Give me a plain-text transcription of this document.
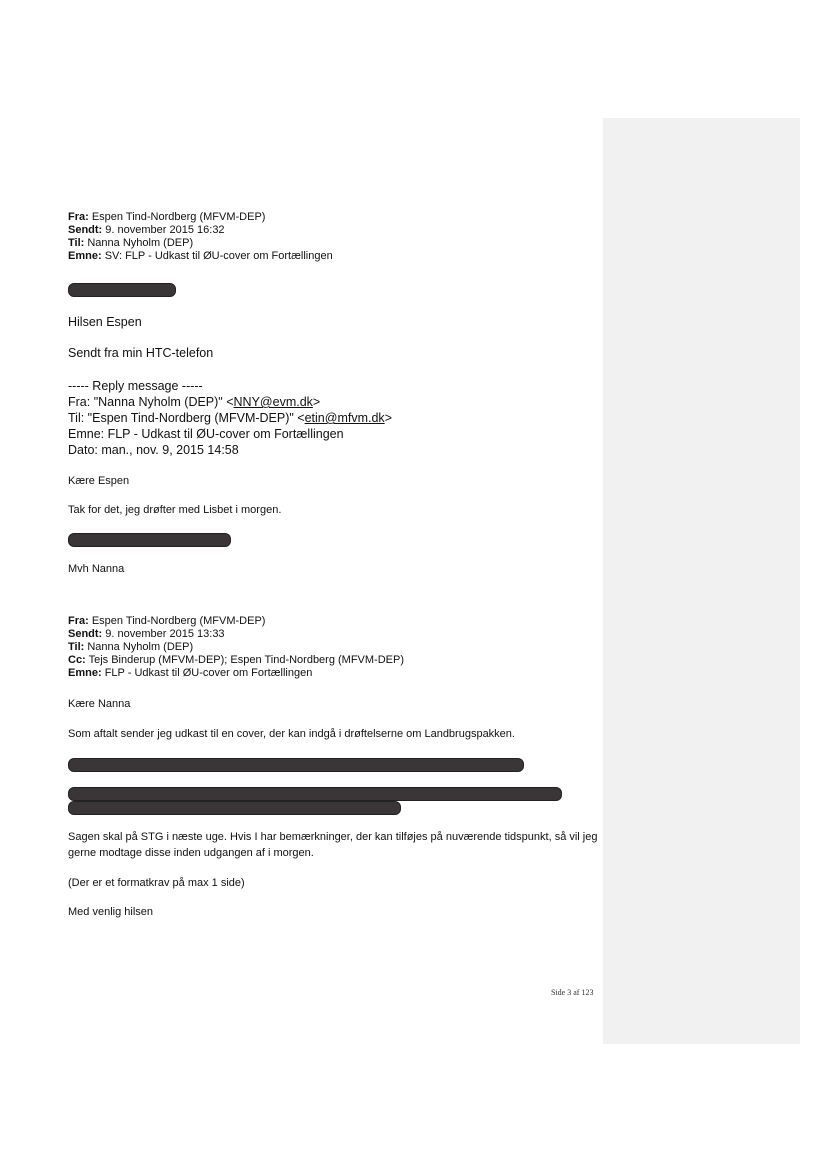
Fra: Espen Tind-Nordberg (MFVM-DEP)
Sendt: 9. november 2015 16:32
Til: Nanna Nyholm (DEP)
Emne: SV: FLP - Udkast til ØU-cover om Fortællingen
Hilsen Espen
Sendt fra min HTC-telefon
----- Reply message -----
Fra: "Nanna Nyholm (DEP)" <NNY@evm.dk>
Til: "Espen Tind-Nordberg (MFVM-DEP)" <etin@mfvm.dk>
Emne: FLP - Udkast til ØU-cover om Fortællingen
Dato: man., nov. 9, 2015 14:58
Kære Espen
Tak for det, jeg drøfter med Lisbet i morgen.
Mvh Nanna
Fra: Espen Tind-Nordberg (MFVM-DEP)
Sendt: 9. november 2015 13:33
Til: Nanna Nyholm (DEP)
Cc: Tejs Binderup (MFVM-DEP); Espen Tind-Nordberg (MFVM-DEP)
Emne: FLP - Udkast til ØU-cover om Fortællingen
Kære Nanna
Som aftalt sender jeg udkast til en cover, der kan indgå i drøftelserne om Landbrugspakken.
Sagen skal på STG i næste uge. Hvis I har bemærkninger, der kan tilføjes på nuværende tidspunkt, så vil jeg
gerne modtage disse inden udgangen af i morgen.
(Der er et formatkrav på max 1 side)
Med venlig hilsen
Side 3 af 123
